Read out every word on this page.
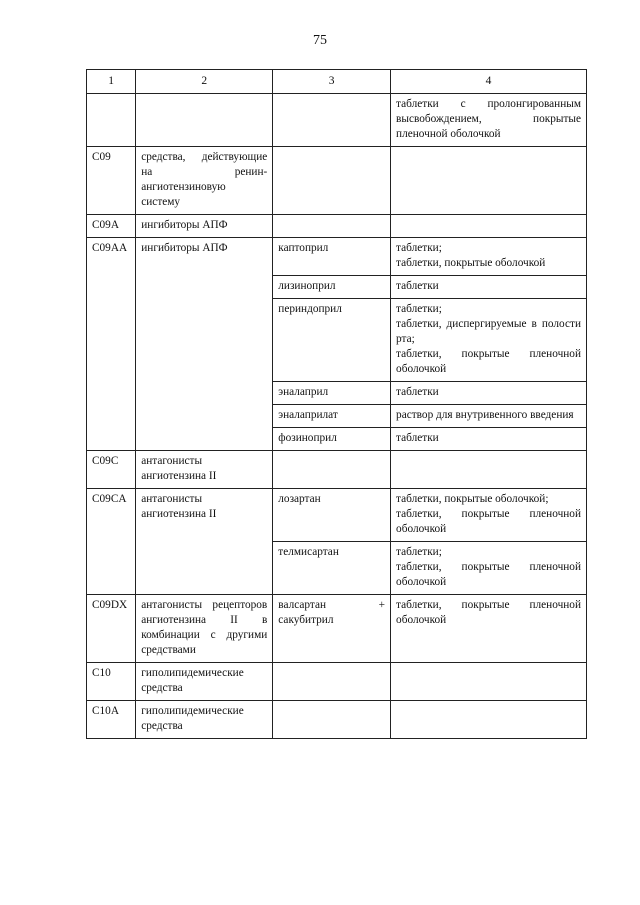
75
1	2	3	4
			таблетки с пролонгированным высвобождением, покрытые пленочной оболочкой
C09	средства, действующие на ренин-ангиотензиновую систему		
C09A	ингибиторы АПФ		
C09AA	ингибиторы АПФ	каптоприл	таблетки;
таблетки, покрытые оболочкой

		лизиноприл	таблетки
		периндоприл	таблетки;
таблетки, диспергируемые в полости рта;
таблетки, покрытые пленочной оболочкой

		эналаприл	таблетки
		эналаприлат	раствор для внутривенного введения
		фозиноприл	таблетки
C09C	антагонисты ангиотензина II		
C09CA	антагонисты ангиотензина II	лозартан	таблетки, покрытые оболочкой;
таблетки, покрытые пленочной оболочкой

		телмисартан	таблетки;
таблетки, покрытые пленочной оболочкой

C09DX	антагонисты рецепторов ангиотензина II в комбинации с другими средствами	валсартан + сакубитрил	таблетки, покрытые пленочной оболочкой
C10	гиполипидемические средства		
C10A	гиполипидемические средства		
